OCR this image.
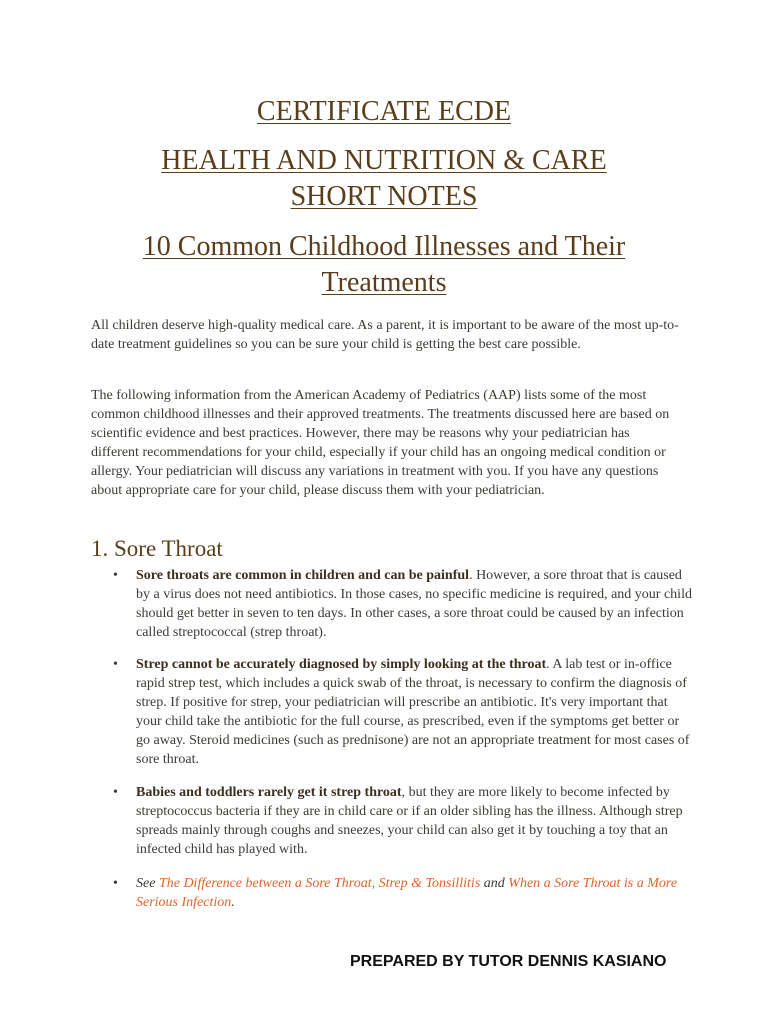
CERTIFICATE ECDE
HEALTH AND NUTRITION & CARE
SHORT NOTES
10 Common Childhood Illnesses and Their
Treatments
All children deserve high-quality medical care. As a parent, it is important to be aware of the most up-to-date treatment guidelines so you can be sure your child is getting the best care possible.
The following information from the American Academy of Pediatrics (AAP) lists some of the most common childhood illnesses and their approved treatments. The treatments discussed here are based on scientific evidence and best practices. However, there may be reasons why your pediatrician has different recommendations for your child, especially if your child has an ongoing medical condition or allergy. Your pediatrician will discuss any variations in treatment with you. If you have any questions about appropriate care for your child, please discuss them with your pediatrician.
1. Sore Throat
•	Sore throats are common in children and can be painful. However, a sore throat that is caused by a virus does not need antibiotics. In those cases, no specific medicine is required, and your child should get better in seven to ten days. In other cases, a sore throat could be caused by an infection called streptococcal (strep throat).
•	Strep cannot be accurately diagnosed by simply looking at the throat. A lab test or in-office rapid strep test, which includes a quick swab of the throat, is necessary to confirm the diagnosis of strep. If positive for strep, your pediatrician will prescribe an antibiotic. It's very important that your child take the antibiotic for the full course, as prescribed, even if the symptoms get better or go away. Steroid medicines (such as prednisone) are not an appropriate treatment for most cases of sore throat.
•	Babies and toddlers rarely get it strep throat, but they are more likely to become infected by streptococcus bacteria if they are in child care or if an older sibling has the illness. Although strep spreads mainly through coughs and sneezes, your child can also get it by touching a toy that an infected child has played with.
•	See The Difference between a Sore Throat, Strep & Tonsillitis and When a Sore Throat is a More Serious Infection.
PREPARED BY TUTOR DENNIS KASIANO
